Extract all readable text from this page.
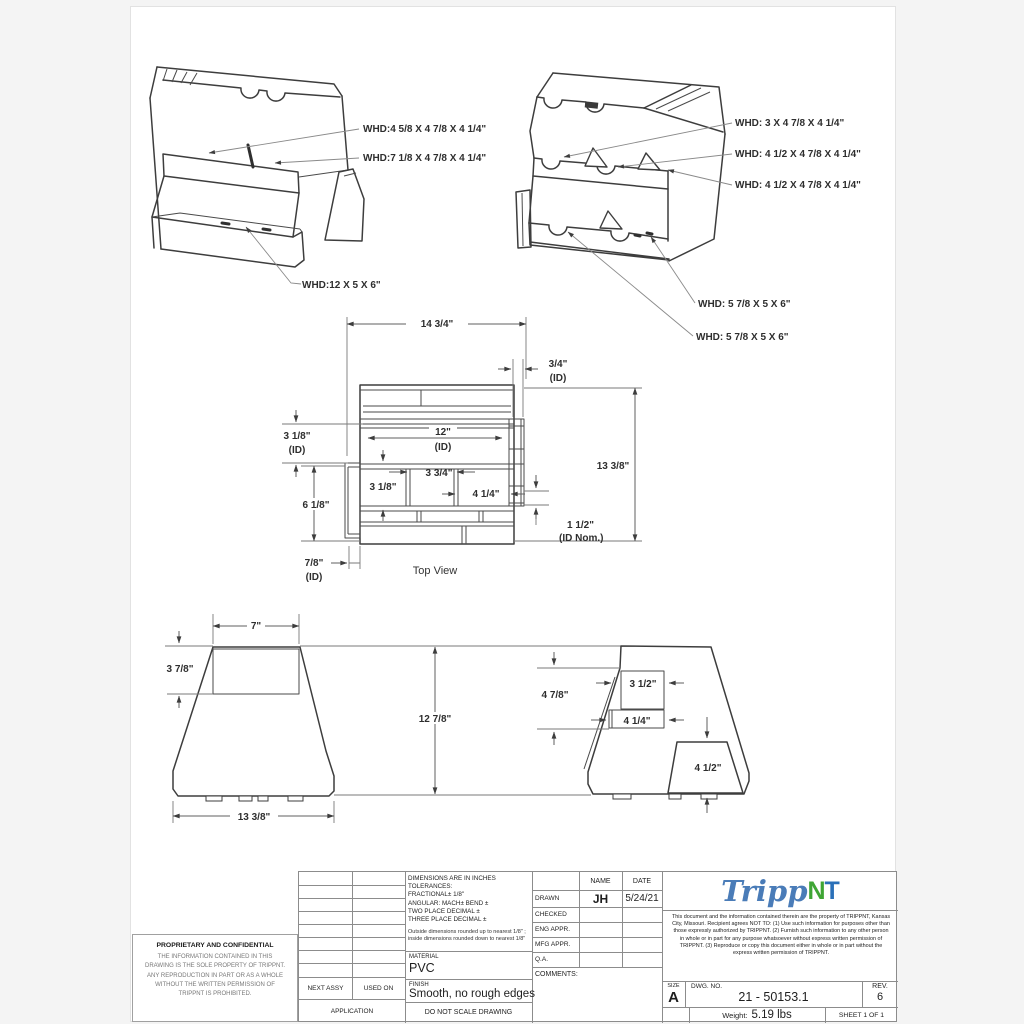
WHD:4 5/8 X 4 7/8 X 4 1/4"
WHD:7 1/8 X 4 7/8 X 4 1/4"
WHD:12 X 5 X 6"
WHD: 3 X 4 7/8 X 4 1/4"
WHD: 4 1/2 X 4 7/8 X 4 1/4"
WHD: 4 1/2 X 4 7/8 X 4 1/4"
WHD: 5 7/8 X 5 X 6"
WHD: 5 7/8 X 5 X 6"
14 3/4"
3/4"
(ID)
12"
(ID)
3 1/8"
(ID)
13 3/8"
3 1/8"
3 3/4"
4 1/4"
6 1/8"
7/8"
(ID)
1 1/2"
(ID Nom.)
Top View
7"
3 7/8"
12 7/8"
13 3/8"
4 7/8"
3 1/2"
4 1/4"
4 1/2"
PROPRIETARY AND CONFIDENTIAL
THE INFORMATION CONTAINED IN THIS DRAWING IS THE SOLE PROPERTY OF TRIPPNT. ANY REPRODUCTION IN PART OR AS A WHOLE WITHOUT THE WRITTEN PERMISSION OF TRIPPNT IS PROHIBITED.
NEXT ASSY	USED ON
APPLICATION
DIMENSIONS ARE IN INCHES
TOLERANCES:
FRACTIONAL± 1/8"
ANGULAR: MACH± BEND ±
TWO PLACE DECIMAL ±
THREE PLACE DECIMAL ±
Outside dimensions rounded up to nearest 1/8" ; inside dimensions rounded down to nearest 1/8"
MATERIAL
PVC
FINISH
Smooth, no rough edges
DO NOT SCALE DRAWING
NAME	DATE
DRAWN	JH	5/24/21
CHECKED
ENG APPR.
MFG APPR.
Q.A.
COMMENTS:
Tripp N T
This document and the information contained therein are the property of TRIPPNT, Kansas City, Missouri. Recipient agrees NOT TO: (1) Use such information for purposes other than those expressly authorized by TRIPPNT. (2) Furnish such information to any other person in whole or in part for any purpose whatsoever without express written permission of TRIPPNT. (3) Reproduce or copy this document either in whole or in part without the express written permission of TRIPPNT.
SIZE
A
DWG. NO.
21 - 50153.1
REV.
6
Weight: 5.19 lbs	SHEET 1 OF 1
